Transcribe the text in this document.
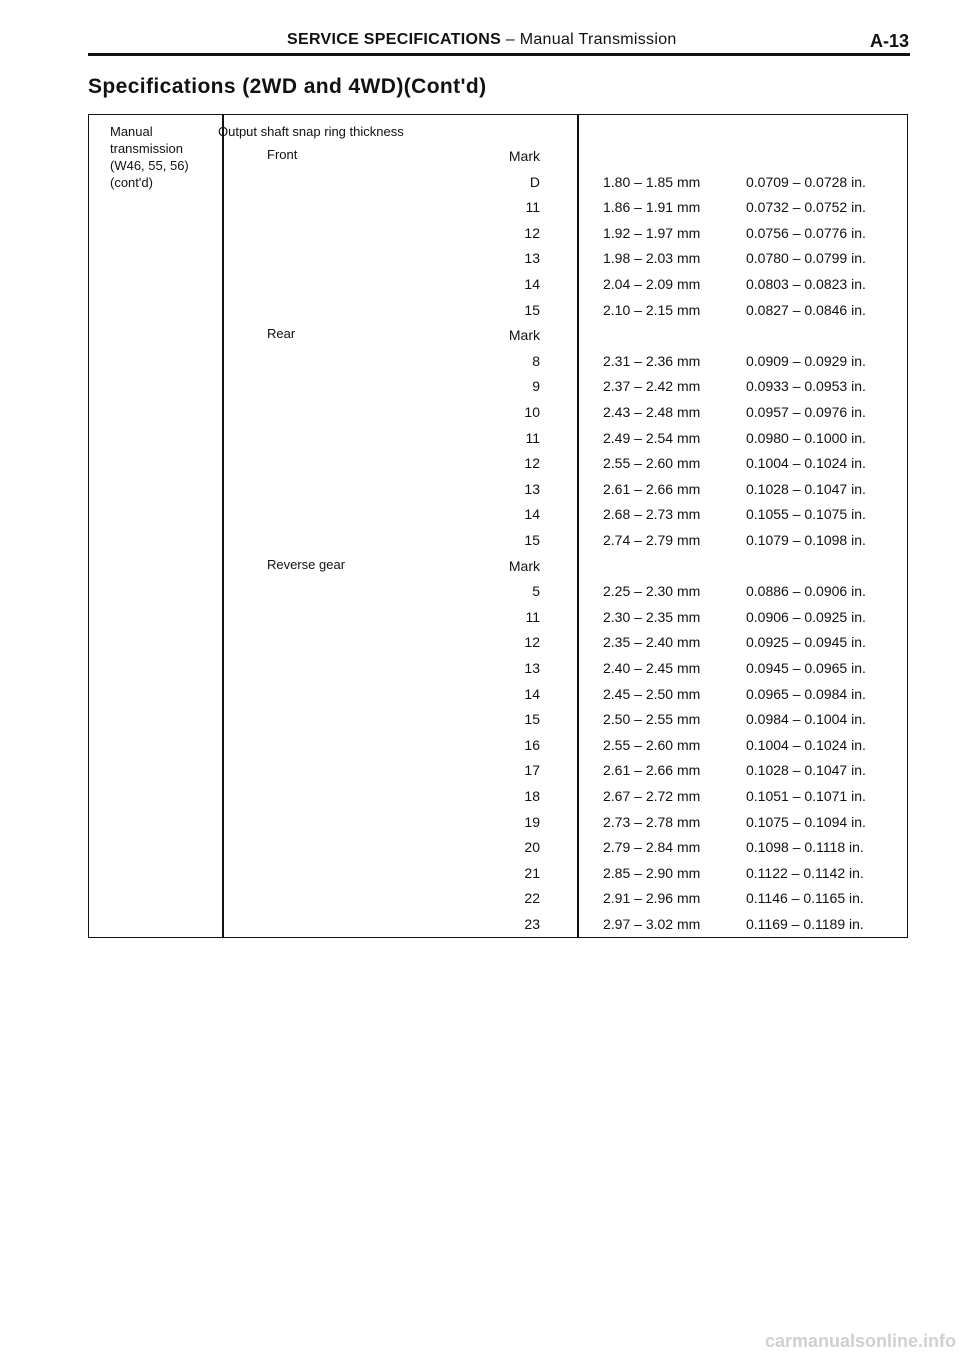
SERVICE SPECIFICATIONS – Manual Transmission	A-13
Specifications (2WD and 4WD)(Cont'd)
Manual
transmission
(W46, 55, 56)
(cont'd)
Output shaft snap ring thickness
Front	Mark
D	1.80 – 1.85 mm	0.0709 – 0.0728 in.
11	1.86 – 1.91 mm	0.0732 – 0.0752 in.
12	1.92 – 1.97 mm	0.0756 – 0.0776 in.
13	1.98 – 2.03 mm	0.0780 – 0.0799 in.
14	2.04 – 2.09 mm	0.0803 – 0.0823 in.
15	2.10 – 2.15 mm	0.0827 – 0.0846 in.
Rear	Mark
8	2.31 – 2.36 mm	0.0909 – 0.0929 in.
9	2.37 – 2.42 mm	0.0933 – 0.0953 in.
10	2.43 – 2.48 mm	0.0957 – 0.0976 in.
11	2.49 – 2.54 mm	0.0980 – 0.1000 in.
12	2.55 – 2.60 mm	0.1004 – 0.1024 in.
13	2.61 – 2.66 mm	0.1028 – 0.1047 in.
14	2.68 – 2.73 mm	0.1055 – 0.1075 in.
15	2.74 – 2.79 mm	0.1079 – 0.1098 in.
Reverse gear	Mark
5	2.25 – 2.30 mm	0.0886 – 0.0906 in.
11	2.30 – 2.35 mm	0.0906 – 0.0925 in.
12	2.35 – 2.40 mm	0.0925 – 0.0945 in.
13	2.40 – 2.45 mm	0.0945 – 0.0965 in.
14	2.45 – 2.50 mm	0.0965 – 0.0984 in.
15	2.50 – 2.55 mm	0.0984 – 0.1004 in.
16	2.55 – 2.60 mm	0.1004 – 0.1024 in.
17	2.61 – 2.66 mm	0.1028 – 0.1047 in.
18	2.67 – 2.72 mm	0.1051 – 0.1071 in.
19	2.73 – 2.78 mm	0.1075 – 0.1094 in.
20	2.79 – 2.84 mm	0.1098 – 0.1118 in.
21	2.85 – 2.90 mm	0.1122 – 0.1142 in.
22	2.91 – 2.96 mm	0.1146 – 0.1165 in.
23	2.97 – 3.02 mm	0.1169 – 0.1189 in.
carmanualsonline.info
